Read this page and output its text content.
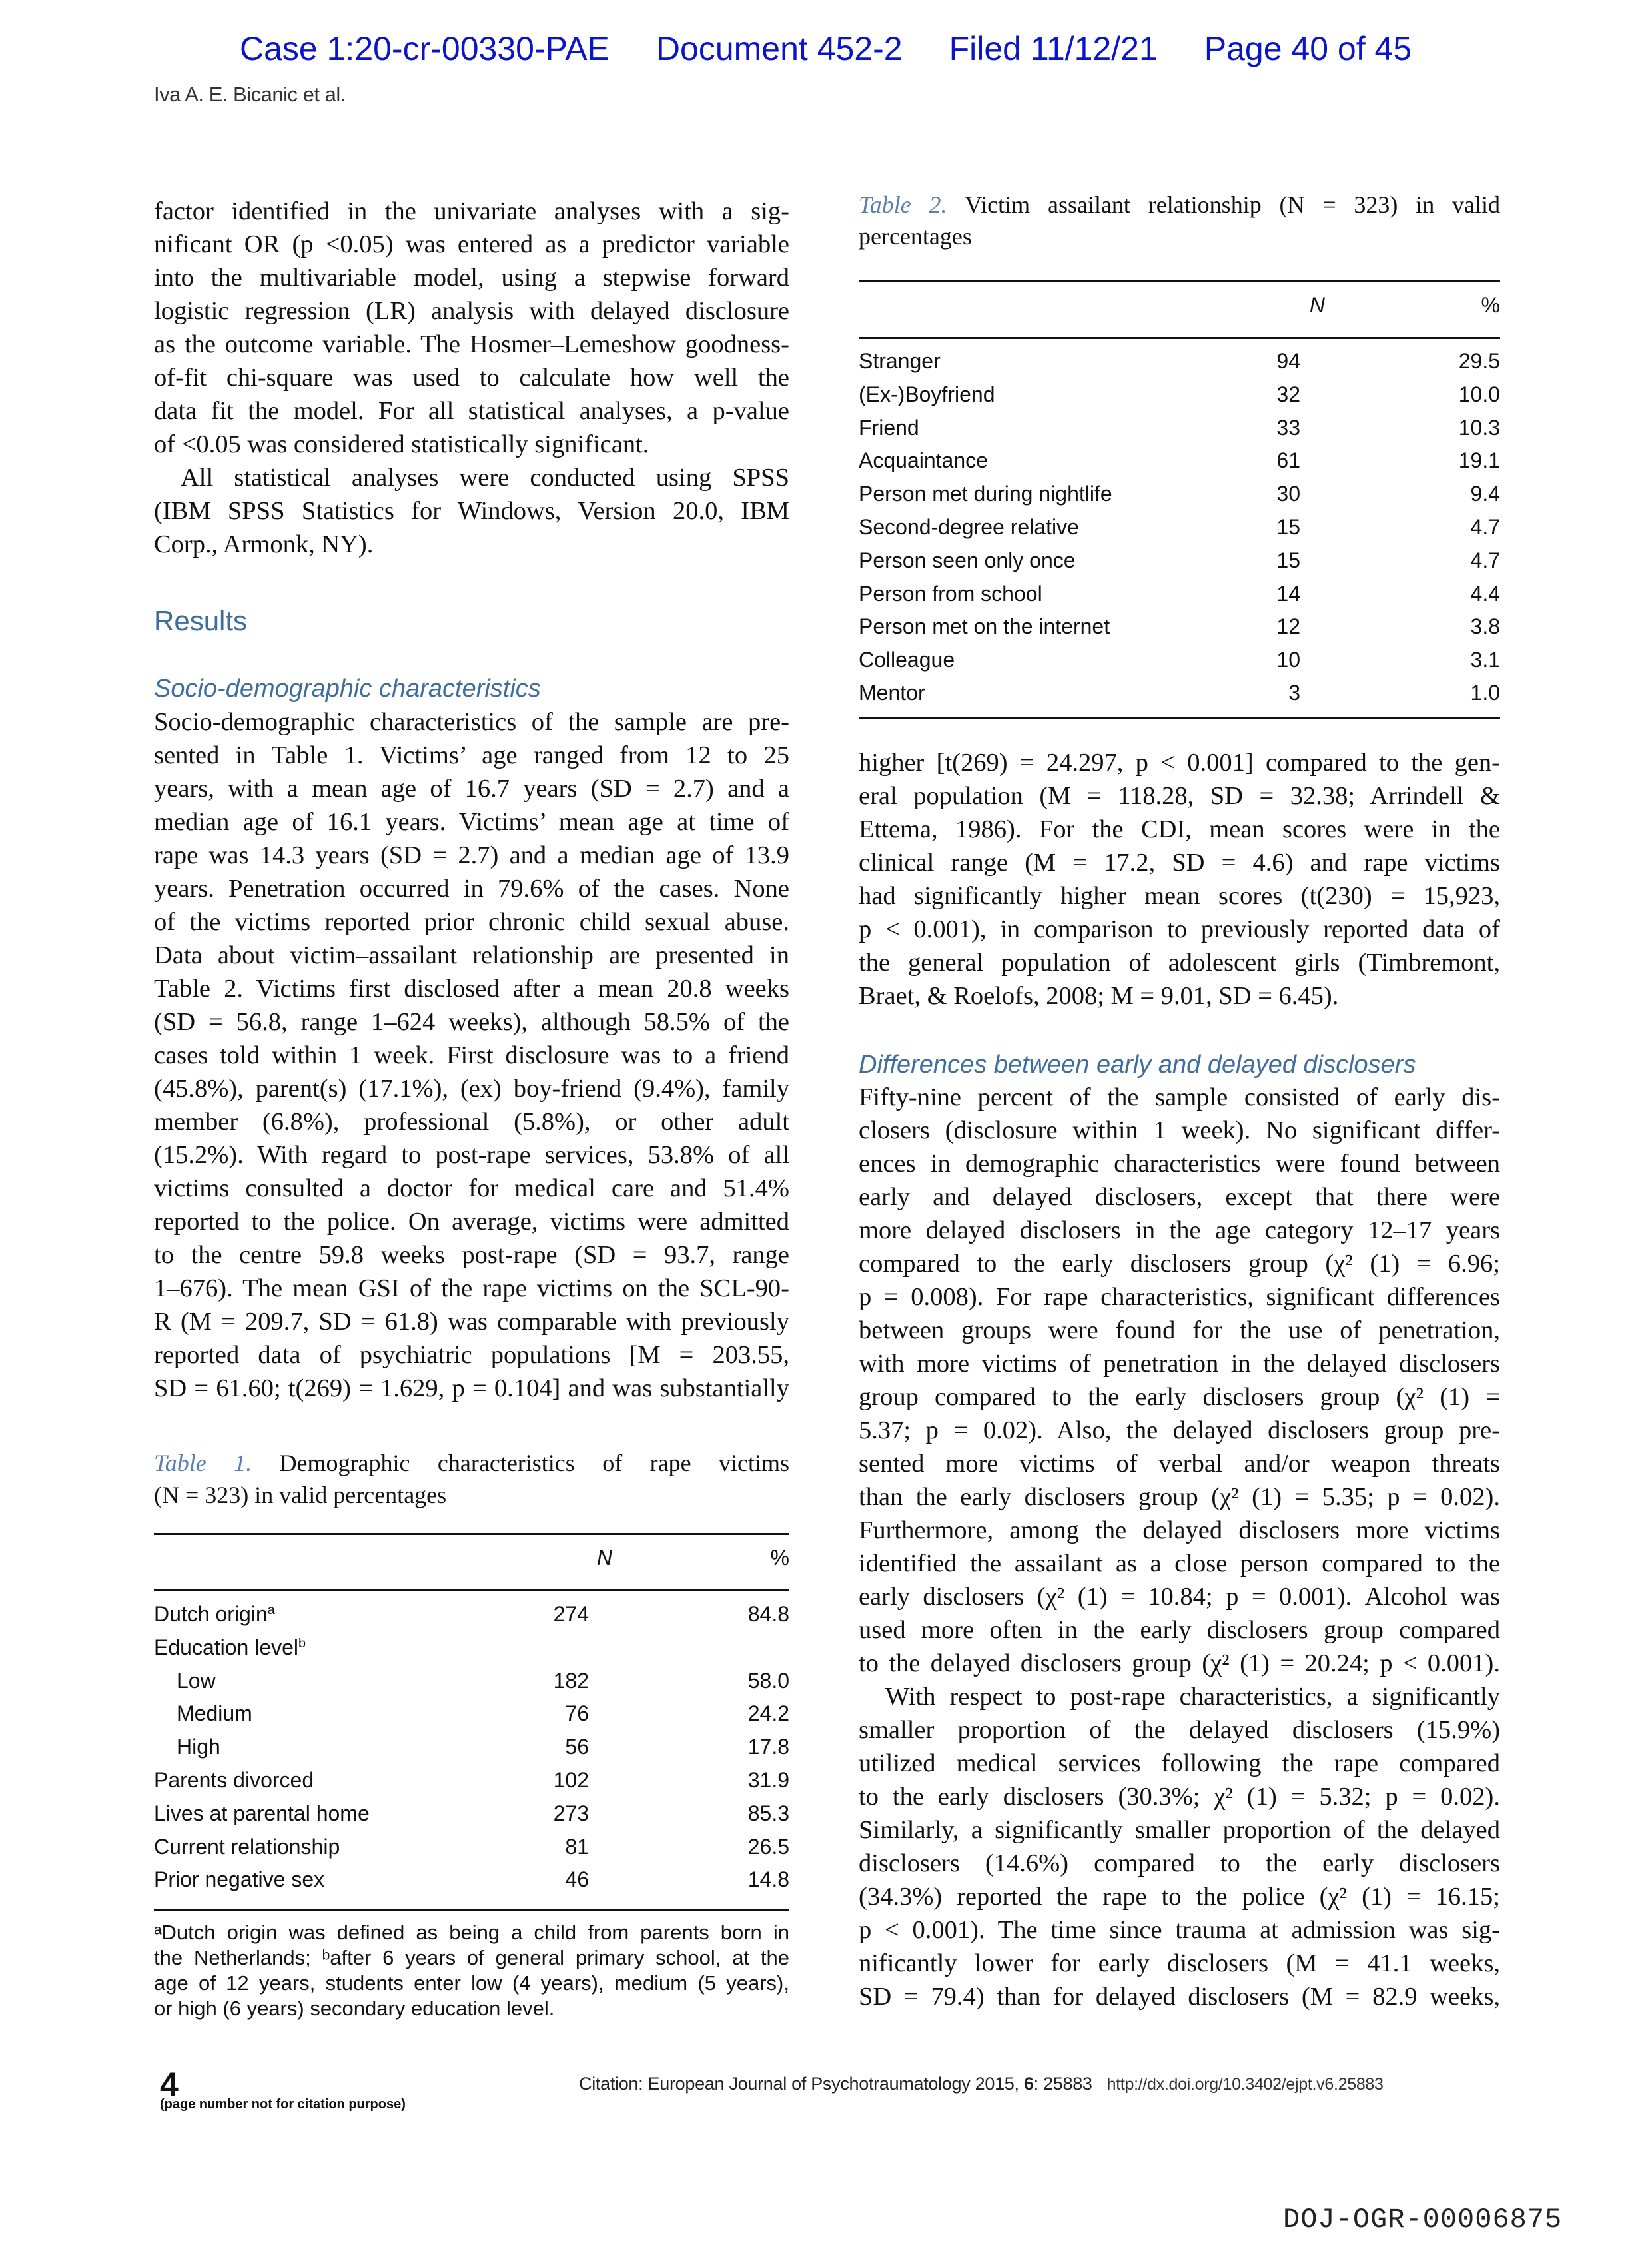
Case 1:20-cr-00330-PAE Document 452-2 Filed 11/12/21 Page 40 of 45
Iva A. E. Bicanic et al.
factor identified in the univariate analyses with a sig-
nificant OR (p <0.05) was entered as a predictor variable
into the multivariable model, using a stepwise forward
logistic regression (LR) analysis with delayed disclosure
as the outcome variable. The Hosmer–Lemeshow goodness-
of-fit chi-square was used to calculate how well the
data fit the model. For all statistical analyses, a p-value
of <0.05 was considered statistically significant.
All statistical analyses were conducted using SPSS
(IBM SPSS Statistics for Windows, Version 20.0, IBM
Corp., Armonk, NY).
Results
Socio-demographic characteristics
Socio-demographic characteristics of the sample are pre-
sented in Table 1. Victims’ age ranged from 12 to 25
years, with a mean age of 16.7 years (SD = 2.7) and a
median age of 16.1 years. Victims’ mean age at time of
rape was 14.3 years (SD = 2.7) and a median age of 13.9
years. Penetration occurred in 79.6% of the cases. None
of the victims reported prior chronic child sexual abuse.
Data about victim–assailant relationship are presented in
Table 2. Victims first disclosed after a mean 20.8 weeks
(SD = 56.8, range 1–624 weeks), although 58.5% of the
cases told within 1 week. First disclosure was to a friend
(45.8%), parent(s) (17.1%), (ex) boy-friend (9.4%), family
member (6.8%), professional (5.8%), or other adult
(15.2%). With regard to post-rape services, 53.8% of all
victims consulted a doctor for medical care and 51.4%
reported to the police. On average, victims were admitted
to the centre 59.8 weeks post-rape (SD = 93.7, range
1–676). The mean GSI of the rape victims on the SCL-90-
R (M = 209.7, SD = 61.8) was comparable with previously
reported data of psychiatric populations [M = 203.55,
SD = 61.60; t(269) = 1.629, p = 0.104] and was substantially
Table 1. Demographic characteristics of rape victims
(N = 323) in valid percentages
N	%
Dutch origin$^a$	274	84.8
Education level$^b$
Low	182	58.0
Medium	76	24.2
High	56	17.8
Parents divorced	102	31.9
Lives at parental home	273	85.3
Current relationship	81	26.5
Prior negative sex	46	14.8
ᵃDutch origin was defined as being a child from parents born in
the Netherlands; ᵇafter 6 years of general primary school, at the
age of 12 years, students enter low (4 years), medium (5 years),
or high (6 years) secondary education level.
Table 2. Victim assailant relationship (N = 323) in valid
percentages
N	%
Stranger	94	29.5
(Ex-)Boyfriend	32	10.0
Friend	33	10.3
Acquaintance	61	19.1
Person met during nightlife	30	9.4
Second-degree relative	15	4.7
Person seen only once	15	4.7
Person from school	14	4.4
Person met on the internet	12	3.8
Colleague	10	3.1
Mentor	3	1.0
higher [t(269) = 24.297, p < 0.001] compared to the gen-
eral population (M = 118.28, SD = 32.38; Arrindell &
Ettema, 1986). For the CDI, mean scores were in the
clinical range (M = 17.2, SD = 4.6) and rape victims
had significantly higher mean scores (t(230) = 15,923,
p < 0.001), in comparison to previously reported data of
the general population of adolescent girls (Timbremont,
Braet, & Roelofs, 2008; M = 9.01, SD = 6.45).
Differences between early and delayed disclosers
Fifty-nine percent of the sample consisted of early dis-
closers (disclosure within 1 week). No significant differ-
ences in demographic characteristics were found between
early and delayed disclosers, except that there were
more delayed disclosers in the age category 12–17 years
compared to the early disclosers group (χ² (1) = 6.96;
p = 0.008). For rape characteristics, significant differences
between groups were found for the use of penetration,
with more victims of penetration in the delayed disclosers
group compared to the early disclosers group (χ² (1) =
5.37; p = 0.02). Also, the delayed disclosers group pre-
sented more victims of verbal and/or weapon threats
than the early disclosers group (χ² (1) = 5.35; p = 0.02).
Furthermore, among the delayed disclosers more victims
identified the assailant as a close person compared to the
early disclosers (χ² (1) = 10.84; p = 0.001). Alcohol was
used more often in the early disclosers group compared
to the delayed disclosers group (χ² (1) = 20.24; p < 0.001).
With respect to post-rape characteristics, a significantly
smaller proportion of the delayed disclosers (15.9%)
utilized medical services following the rape compared
to the early disclosers (30.3%; χ² (1) = 5.32; p = 0.02).
Similarly, a significantly smaller proportion of the delayed
disclosers (14.6%) compared to the early disclosers
(34.3%) reported the rape to the police (χ² (1) = 16.15;
p < 0.001). The time since trauma at admission was sig-
nificantly lower for early disclosers (M = 41.1 weeks,
SD = 79.4) than for delayed disclosers (M = 82.9 weeks,
4
(page number not for citation purpose)
Citation: European Journal of Psychotraumatology 2015, 6: 25883 http://dx.doi.org/10.3402/ejpt.v6.25883
DOJ-OGR-00006875
